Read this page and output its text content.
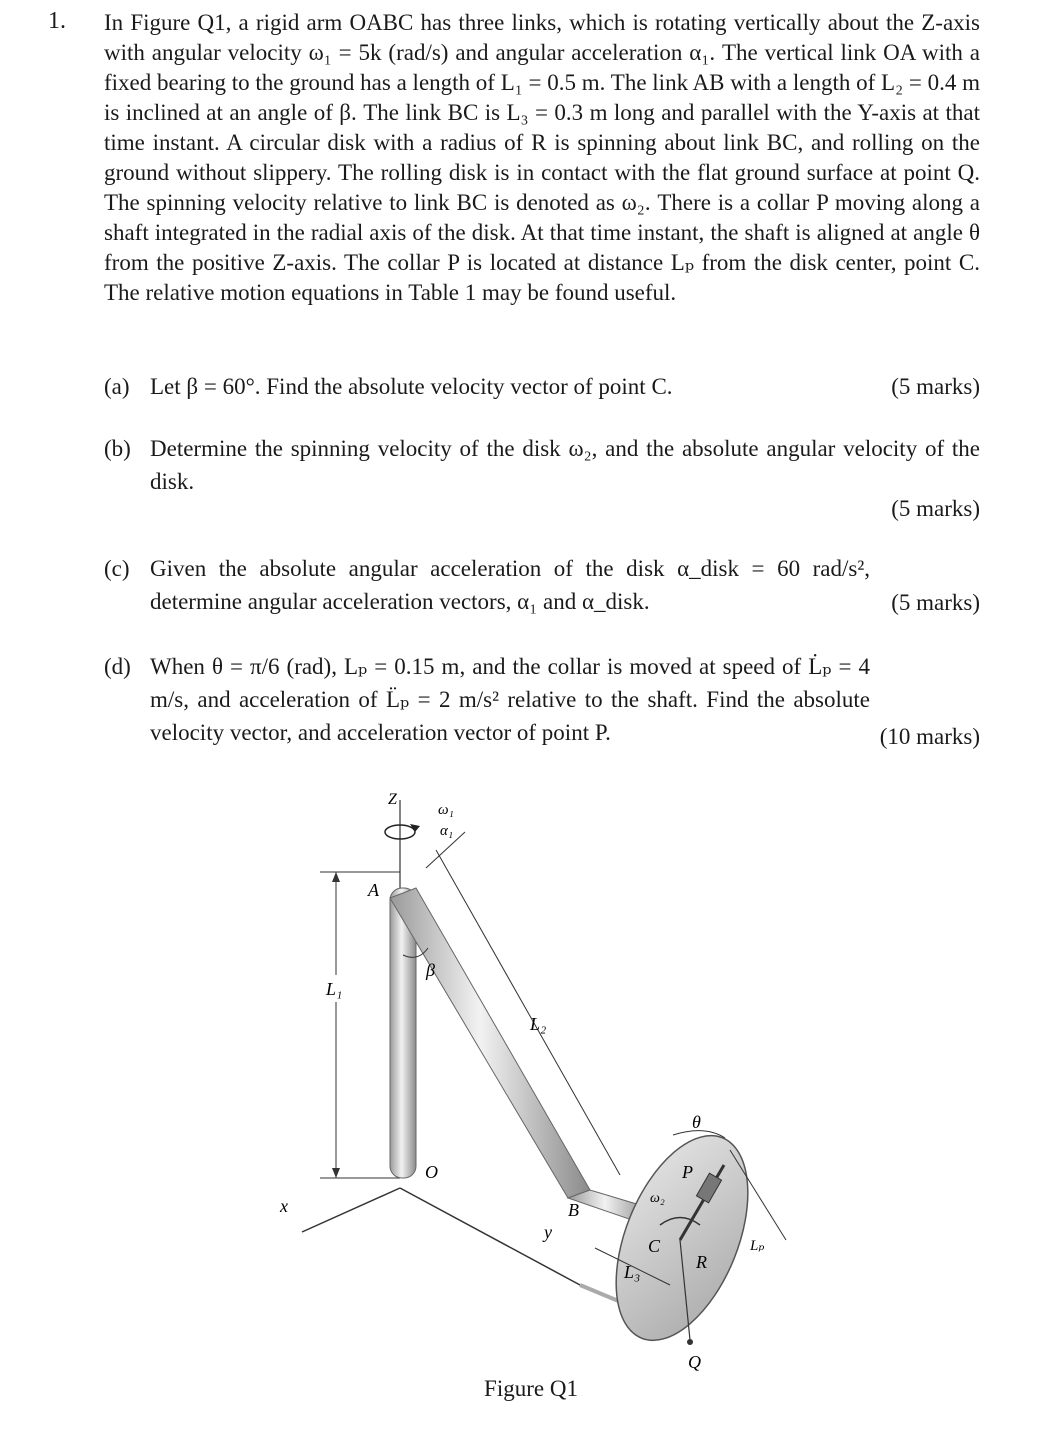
1. In Figure Q1, a rigid arm OABC has three links, which is rotating vertically about the Z-axis with angular velocity ω₁ = 5k (rad/s) and angular acceleration α₁. The vertical link OA with a fixed bearing to the ground has a length of L₁ = 0.5 m. The link AB with a length of L₂ = 0.4 m is inclined at an angle of β. The link BC is L₃ = 0.3 m long and parallel with the Y-axis at that time instant. A circular disk with a radius of R is spinning about link BC, and rolling on the ground without slippery. The rolling disk is in contact with the flat ground surface at point Q. The spinning velocity relative to link BC is denoted as ω₂. There is a collar P moving along a shaft integrated in the radial axis of the disk. At that time instant, the shaft is aligned at angle θ from the positive Z-axis. The collar P is located at distance Lₚ from the disk center, point C. The relative motion equations in Table 1 may be found useful.
(a) Let β = 60°. Find the absolute velocity vector of point C.	(5 marks)
(b) Determine the spinning velocity of the disk ω₂, and the absolute angular velocity of the disk.
(5 marks)
(c) Given the absolute angular acceleration of the disk α_disk = 60 rad/s², determine angular acceleration vectors, α₁ and α_disk.	(5 marks)
(d) When θ = π/6 (rad), Lₚ = 0.15 m, and the collar is moved at speed of L̇ₚ = 4 m/s, and acceleration of L̈ₚ = 2 m/s² relative to the shaft. Find the absolute velocity vector, and acceleration vector of point P.	(10 marks)
Z
ω₁
α₁
A
β
L₁
L₂
O
x
y
B
L₃
C
ω₂
θ
P
R
Q
Lₚ
Figure Q1
